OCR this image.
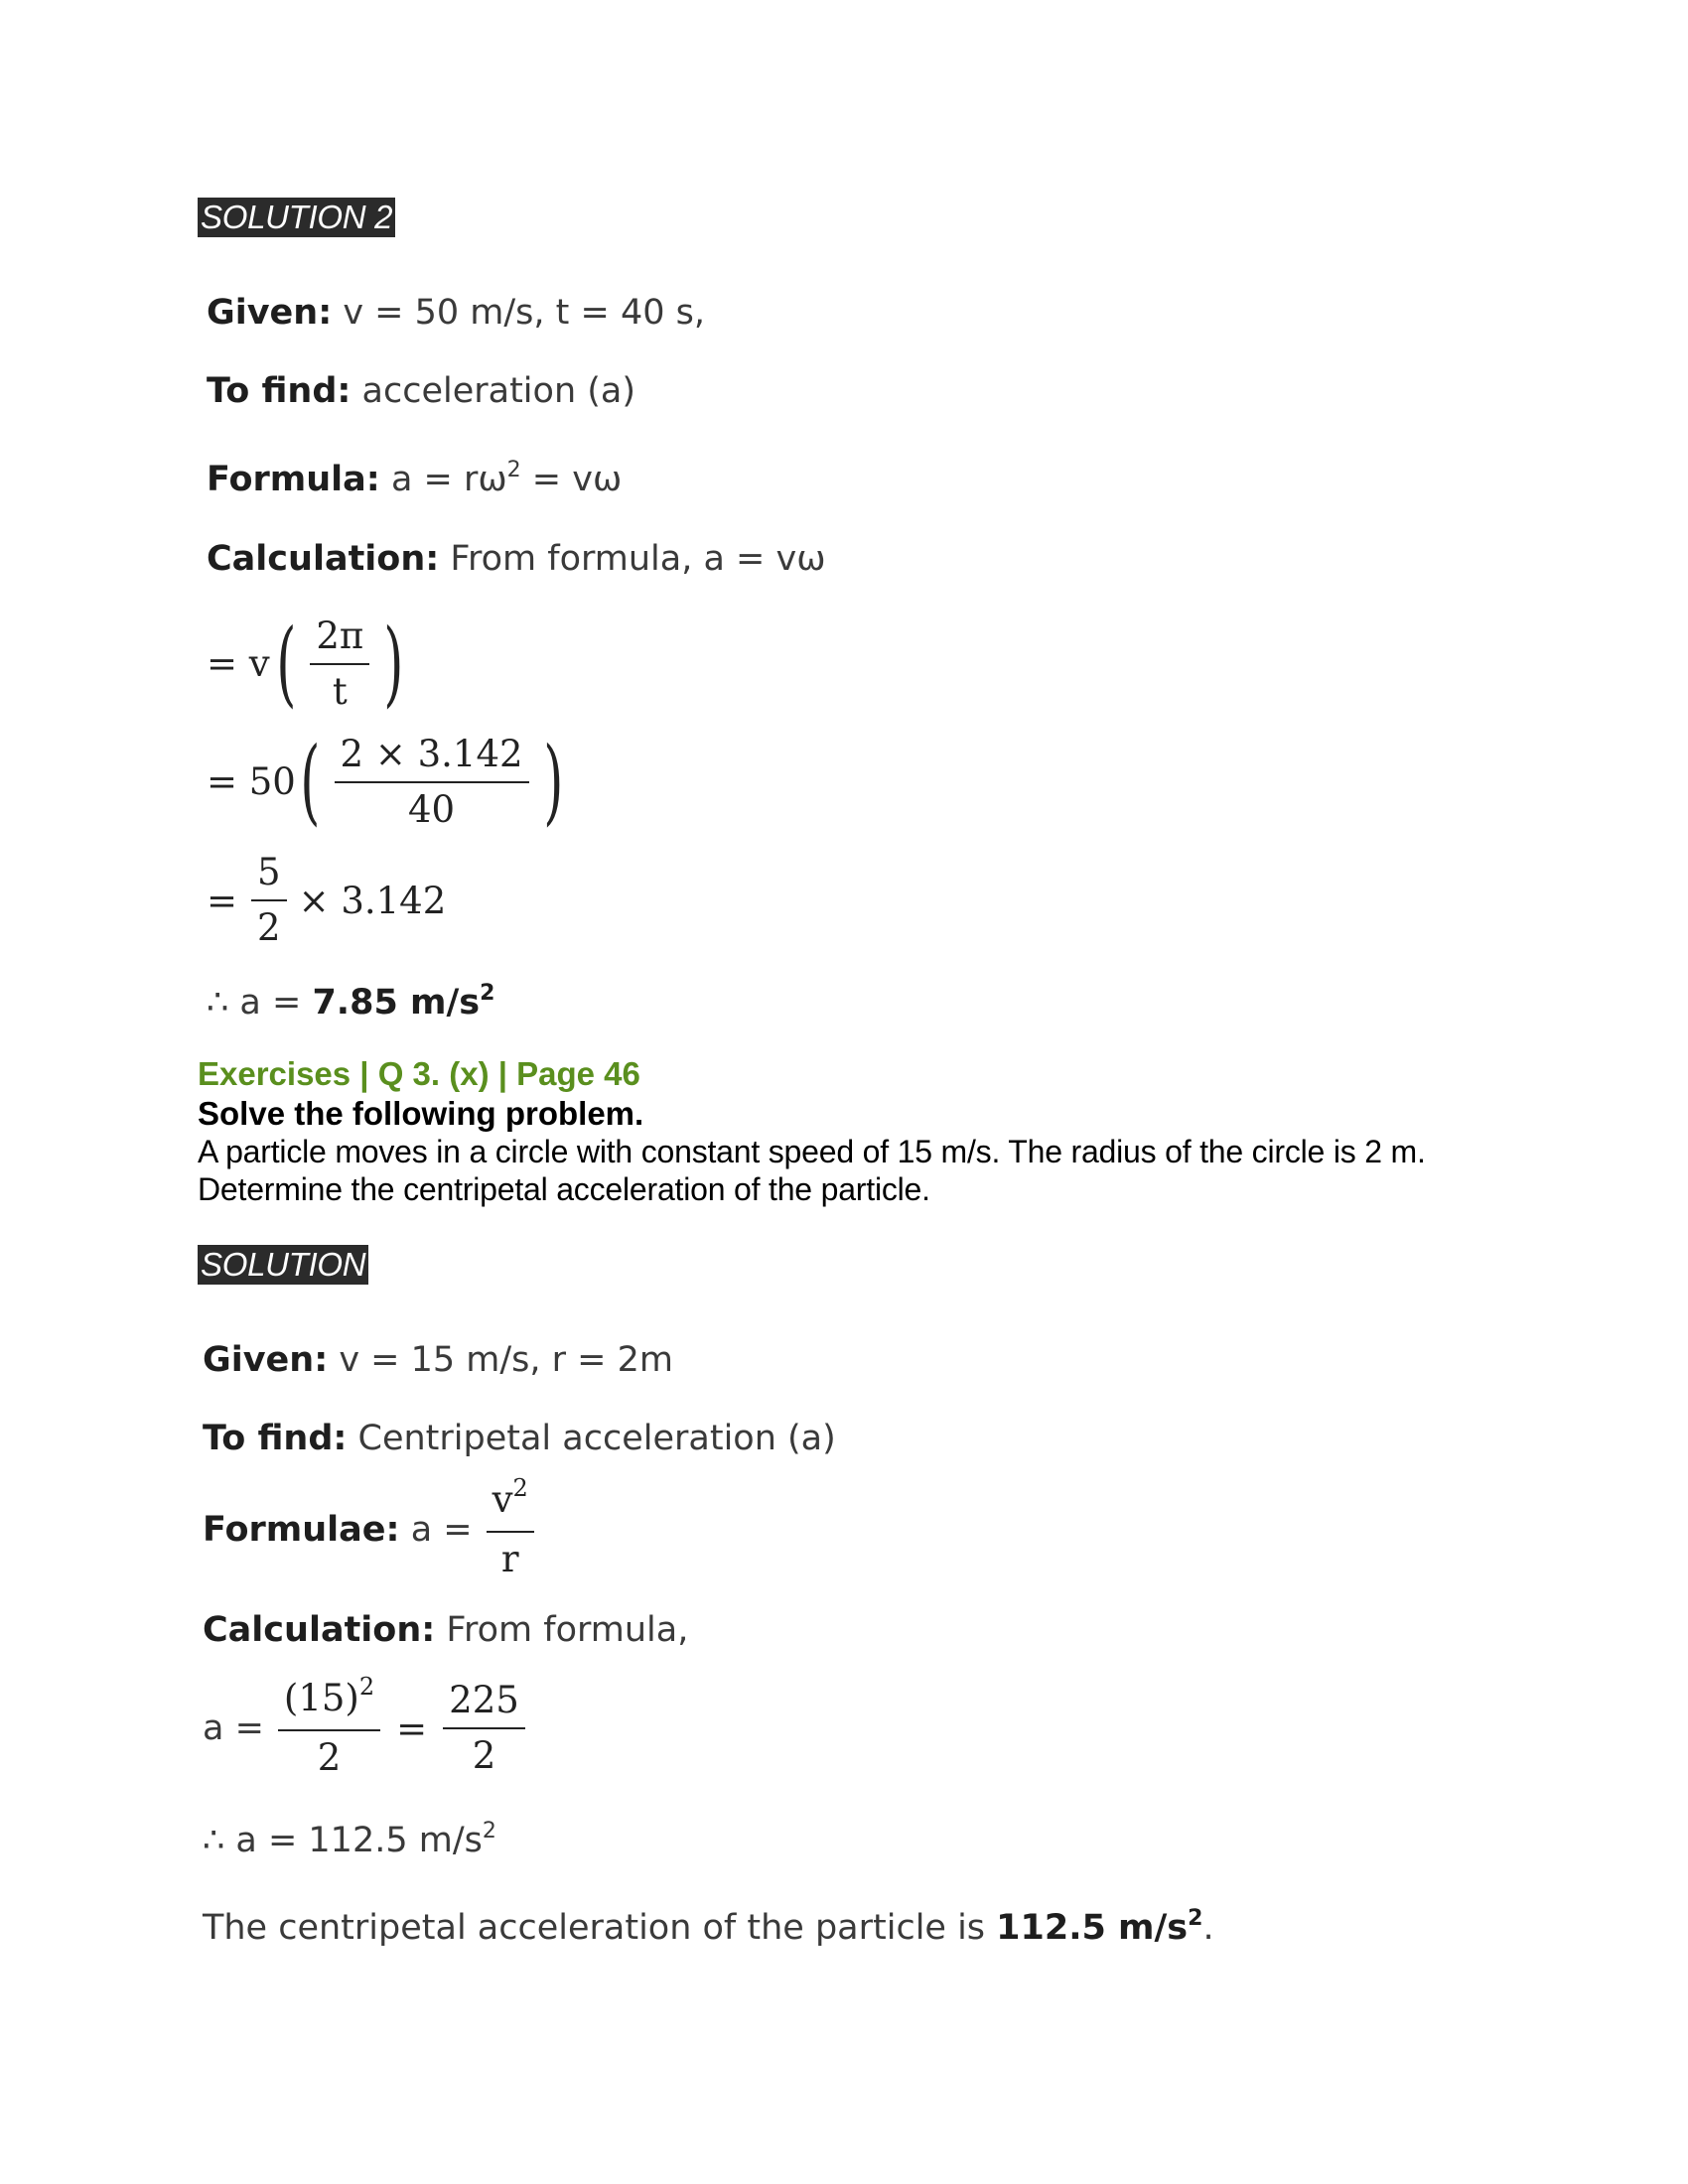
SOLUTION 2
Given: v = 50 m/s, t = 40 s,
To find: acceleration (a)
Formula: $a = r\omega^2 = v\omega$
Calculation: From formula, a = vω
= v ( $\frac{2\pi}{t}$ )
= 50 ( $\frac{2 \times 3.142}{40}$ )
= $\frac{5}{2} \times 3.142$
∴ a = 7.85 $m/s^2$
Exercises | Q 3. (x) | Page 46
Solve the following problem.
A particle moves in a circle with constant speed of 15 m/s. The radius of the circle is 2 m. Determine the centripetal acceleration of the particle.
SOLUTION
Given: v = 15 m/s, r = 2m
To find: Centripetal acceleration (a)
Formulae: $a = \frac{v^2}{r}$
Calculation: From formula,
$a = \frac{(15)^2}{2} = \frac{225}{2}$
∴ a = 112.5 $m/s^2$
The centripetal acceleration of the particle is 112.5 $m/s^2$.
